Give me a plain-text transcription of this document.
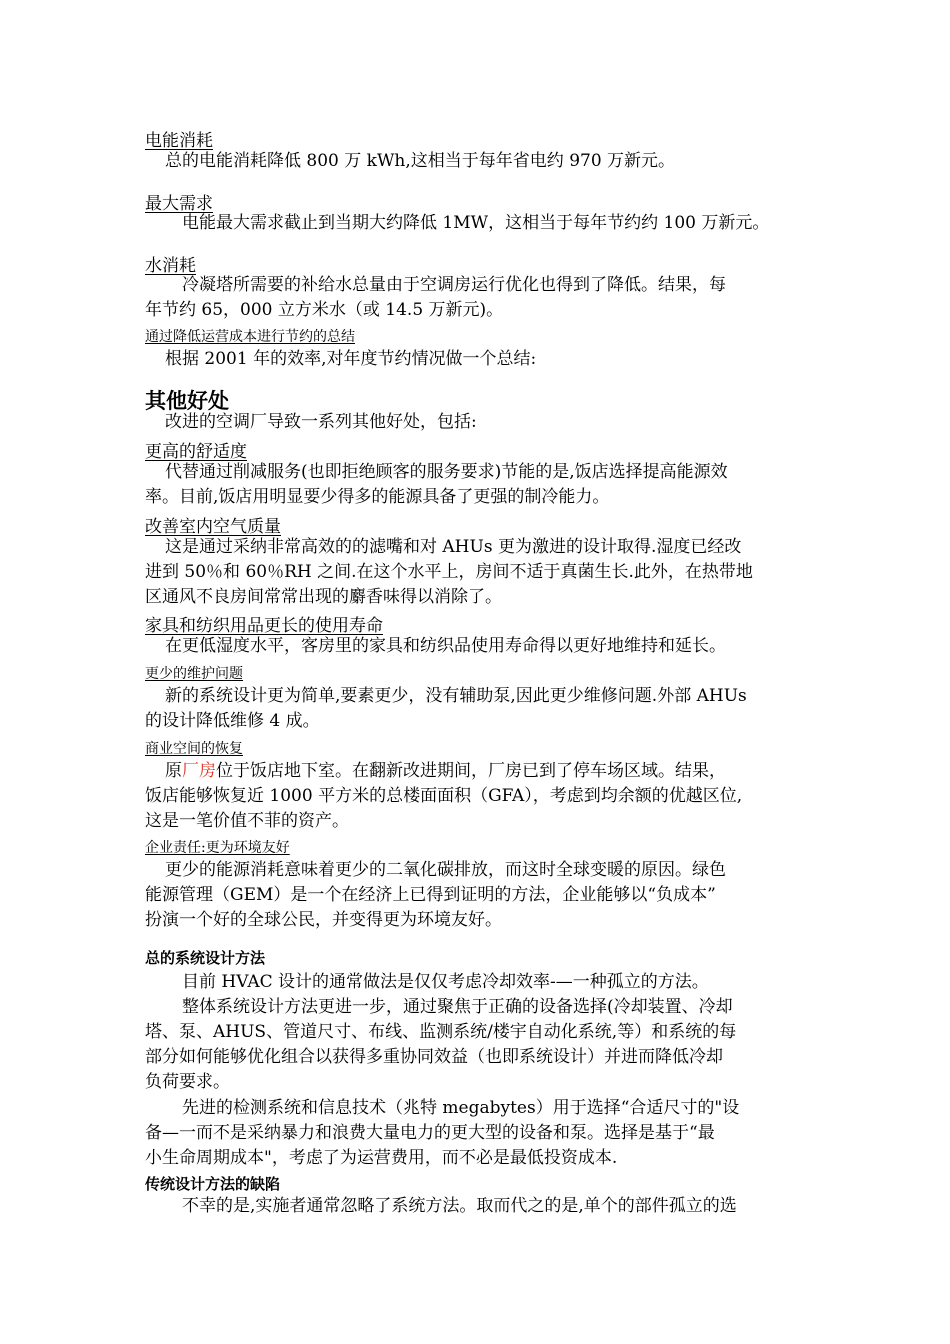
电能消耗
总的电能消耗降低 800 万 kWh,这相当于每年省电约 970 万新元。
最大需求
电能最大需求截止到当期大约降低 1MW，这相当于每年节约约 100 万新元。
水消耗
冷凝塔所需要的补给水总量由于空调房运行优化也得到了降低。结果，每
年节约 65，000 立方米水（或 14.5 万新元)。
通过降低运营成本进行节约的总结
根据 2001 年的效率,对年度节约情况做一个总结:
其他好处
改进的空调厂导致一系列其他好处，包括:
更高的舒适度
代替通过削减服务(也即拒绝顾客的服务要求)节能的是,饭店选择提高能源效
率。目前,饭店用明显要少得多的能源具备了更强的制冷能力。
改善室内空气质量
这是通过采纳非常高效的的滤嘴和对 AHUs 更为激进的设计取得.湿度已经改
进到 50％和 60％RH 之间.在这个水平上，房间不适于真菌生长.此外，在热带地
区通风不良房间常常出现的麝香味得以消除了。
家具和纺织用品更长的使用寿命
在更低湿度水平，客房里的家具和纺织品使用寿命得以更好地维持和延长。
更少的维护问题
新的系统设计更为简单,要素更少，没有辅助泵,因此更少维修问题.外部 AHUs
的设计降低维修 4 成。
商业空间的恢复
原厂房位于饭店地下室。在翻新改进期间，厂房已到了停车场区域。结果，
饭店能够恢复近 1000 平方米的总楼面面积（GFA），考虑到均余额的优越区位,
这是一笔价值不菲的资产。
企业责任:更为环境友好
更少的能源消耗意味着更少的二氧化碳排放，而这时全球变暖的原因。绿色
能源管理（GEM）是一个在经济上已得到证明的方法，企业能够以“负成本”
扮演一个好的全球公民，并变得更为环境友好。
总的系统设计方法
目前 HVAC 设计的通常做法是仅仅考虑冷却效率-—一种孤立的方法。
整体系统设计方法更进一步，通过聚焦于正确的设备选择(冷却装置、冷却
塔、泵、AHUS、管道尺寸、布线、监测系统/楼宇自动化系统,等）和系统的每
部分如何能够优化组合以获得多重协同效益（也即系统设计）并进而降低冷却
负荷要求。
先进的检测系统和信息技术（兆特 megabytes）用于选择“合适尺寸的"设
备—一而不是采纳暴力和浪费大量电力的更大型的设备和泵。选择是基于“最
小生命周期成本"，考虑了为运营费用，而不必是最低投资成本.
传统设计方法的缺陷
不幸的是,实施者通常忽略了系统方法。取而代之的是,单个的部件孤立的选
